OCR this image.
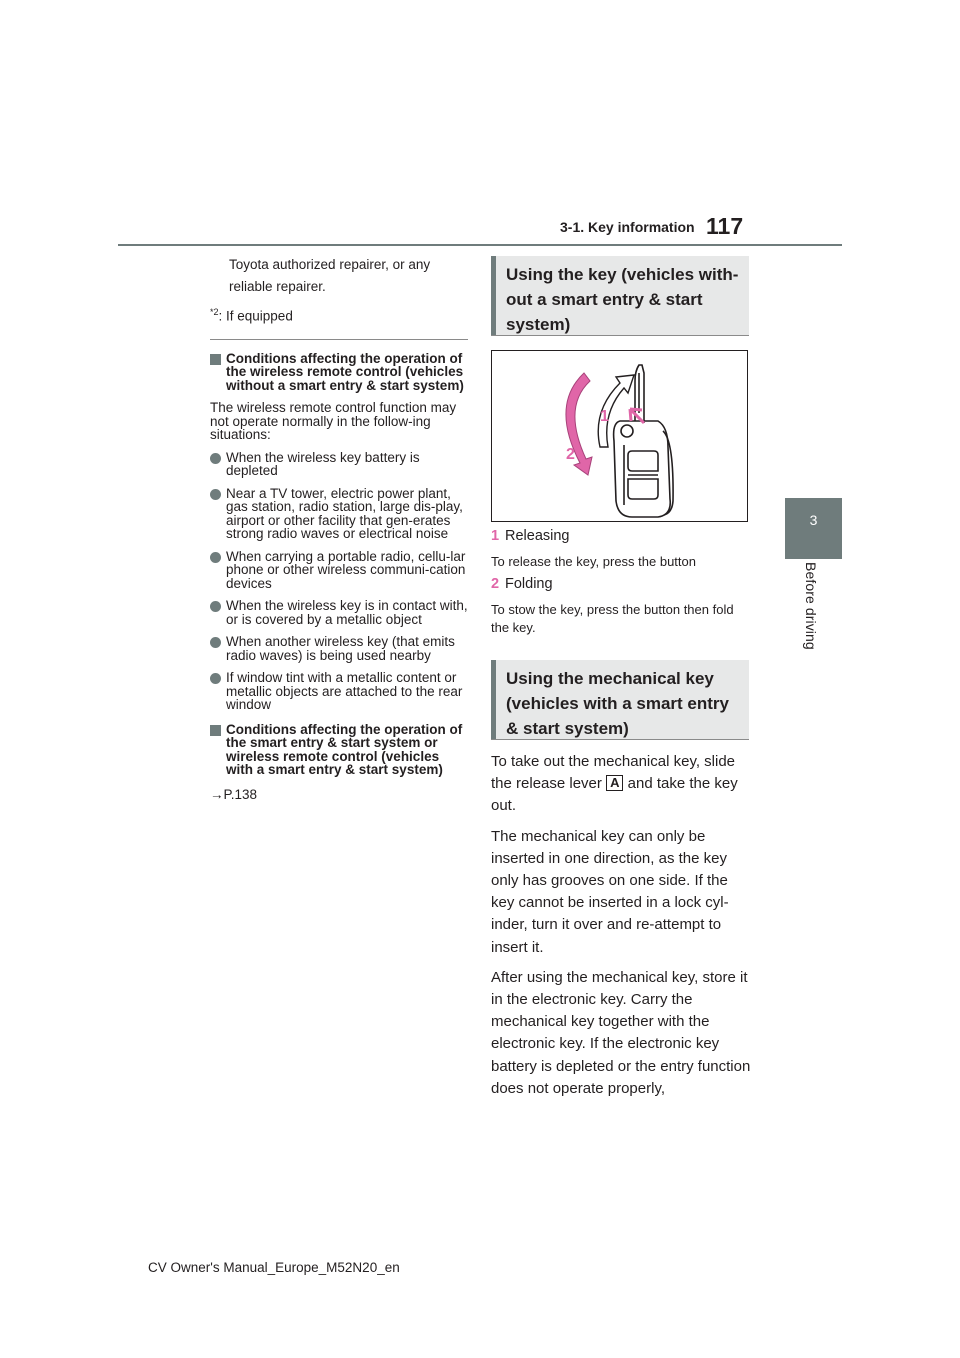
3-1. Key information 117
3
Before driving

Toyota authorized repairer, or any reliable repairer.

$^{*2}$: If equipped

Conditions affecting the operation of the wireless remote control (vehicles without a smart entry & start system)

The wireless remote control function may not operate normally in the follow-ing situations:

When the wireless key battery is depleted
Near a TV tower, electric power plant, gas station, radio station, large dis-play, airport or other facility that gen-erates strong radio waves or electrical noise
When carrying a portable radio, cellu-lar phone or other wireless communi-cation devices
When the wireless key is in contact with, or is covered by a metallic object
When another wireless key (that emits radio waves) is being used nearby
If window tint with a metallic content or metallic objects are attached to the rear window
Conditions affecting the operation of the smart entry & start system or wireless remote control (vehicles with a smart entry & start system)
→P.138
Using the key (vehicles with-out a smart entry & start system)
1
2
1 Releasing
To release the key, press the button
2 Folding
To stow the key, press the button then fold the key.
Using the mechanical key (vehicles with a smart entry & start system)

To take out the mechanical key, slide the release lever A and take the key out.

The mechanical key can only be inserted in one direction, as the key only has grooves on one side. If the key cannot be inserted in a lock cyl-inder, turn it over and re-attempt to insert it.

After using the mechanical key, store it in the electronic key. Carry the mechanical key together with the electronic key. If the electronic key battery is depleted or the entry function does not operate properly,

CV Owner's Manual_Europe_M52N20_en
